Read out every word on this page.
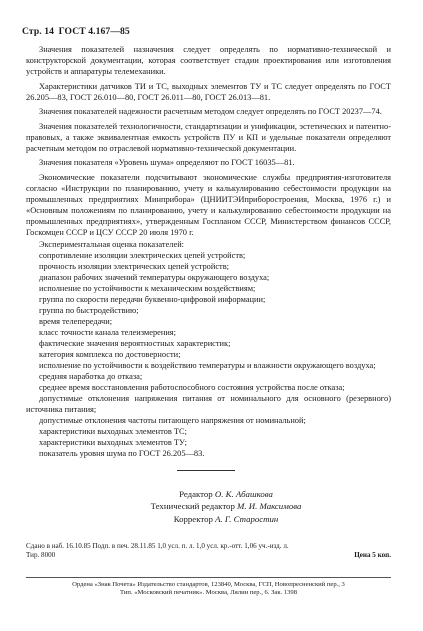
Стр. 14 ГОСТ 4.167—85

Значения показателей назначения следует определять по нормативно-технической и конструкторской документации, которая соответствует стадии проектирования или изготовления устройств и аппаратуры телемеханики.

Характеристики датчиков ТИ и ТС, выходных элементов ТУ и ТС следует определять по ГОСТ 26.205—83, ГОСТ 26.010—80, ГОСТ 26.011—80, ГОСТ 26.013—81.

Значения показателей надежности расчетным методом следует определять по ГОСТ 20237—74.

Значения показателей технологичности, стандартизации и унификации, эстетических и патентно-правовых, а также эквивалентная емкость устройств ПУ и КП и удельные показатели определяют расчетным методом по отраслевой нормативно-технической документации.

Значения показателя «Уровень шума» определяют по ГОСТ 16035—81.

Экономические показатели подсчитывают экономические службы предприятия-изготовителя согласно «Инструкции по планированию, учету и калькулированию себестоимости продукции на промышленных предприятиях Минприбора» (ЦНИИТЭИприборостроения, Москва, 1976 г.) и «Основным положениям по планированию, учету и калькулированию себестоимости продукции на промышленных предприятиях», утвержденным Госпланом СССР, Министерством финансов СССР, Госкомцен СССР и ЦСУ СССР 20 июля 1970 г.

Экспериментальная оценка показателей:
сопротивление изоляции электрических цепей устройств;
прочность изоляции электрических цепей устройств;
диапазон рабочих значений температуры окружающего воздуха;
исполнение по устойчивости к механическим воздействиям;
группа по скорости передачи буквенно-цифровой информации;
группа по быстродействию;
время телепередачи;
класс точности канала телеизмерения;
фактические значения вероятностных характеристик;
категория комплекса по достоверности;
исполнение по устойчивости к воздействию температуры и влажности окружающего воздуха;
средняя наработка до отказа;
среднее время восстановления работоспособного состояния устройства после отказа;
допустимые отклонения напряжения питания от номинального для основного (резервного) источника питания;
допустимые отклонения частоты питающего напряжения от номинальной;
характеристики выходных элементов ТС;
характеристики выходных элементов ТУ;
показатель уровня шума по ГОСТ 26.205—83.
Редактор О. К. Абашкова
Технический редактор М. И. Максимова
Корректор А. Г. Старостин
Сдано в наб. 16.10.85 Подп. в печ. 28.11.85 1,0 усл. п. л. 1,0 усл. кр.-отт. 1,06 уч.-изд. л.
Тир. 8000	Цена 5 коп.
Ордена «Знак Почета» Издательство стандартов, 123840, Москва, ГСП, Новопресненский пер., 3
Тип. «Московский печатник». Москва, Лялин пер., 6. Зак. 1398
